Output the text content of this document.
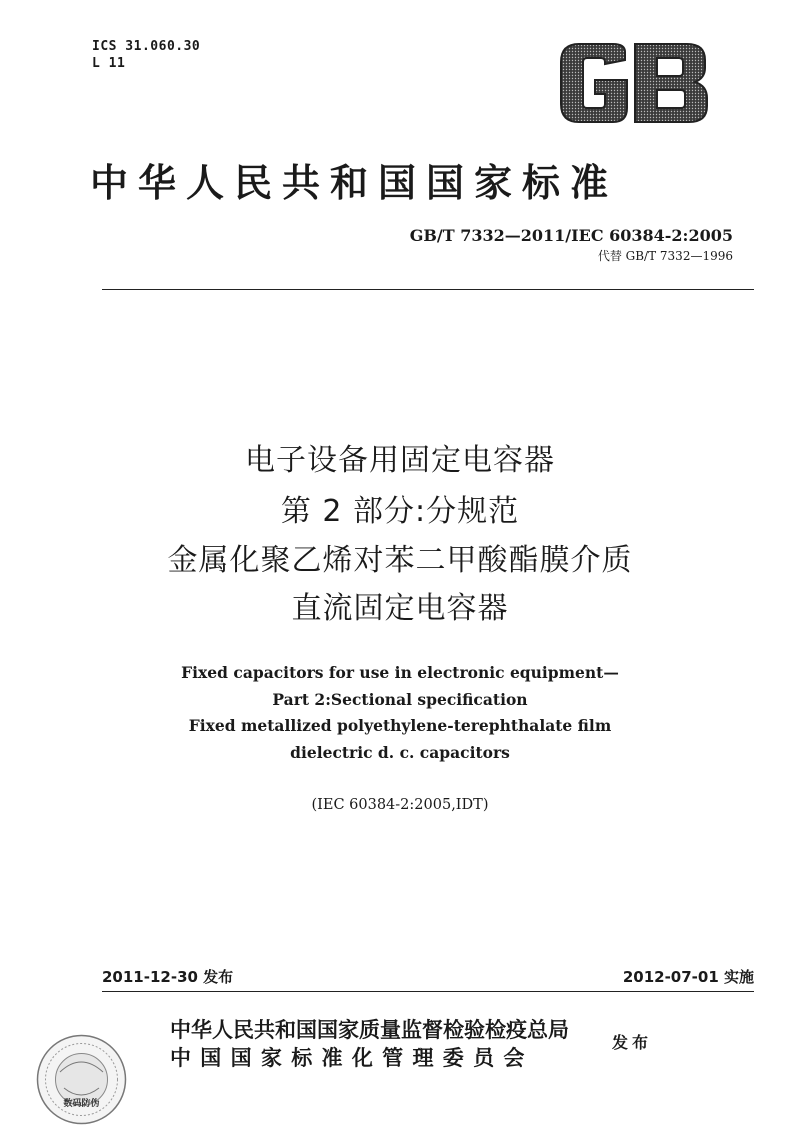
ICS 31.060.30
L 11
中华人民共和国国家标准
GB/T 7332—2011/IEC 60384-2:2005
代替 GB/T 7332—1996
电子设备用固定电容器
第 2 部分:分规范
金属化聚乙烯对苯二甲酸酯膜介质
直流固定电容器
Fixed capacitors for use in electronic equipment—
Part 2:Sectional specification
Fixed metallized polyethylene-terephthalate film
dielectric d. c. capacitors
(IEC 60384-2:2005,IDT)
2011-12-30 发布	2012-07-01 实施
中华人民共和国国家质量监督检验检疫总局
中 国 国 家 标 准 化 管 理 委 员 会
发布
数码防伪
